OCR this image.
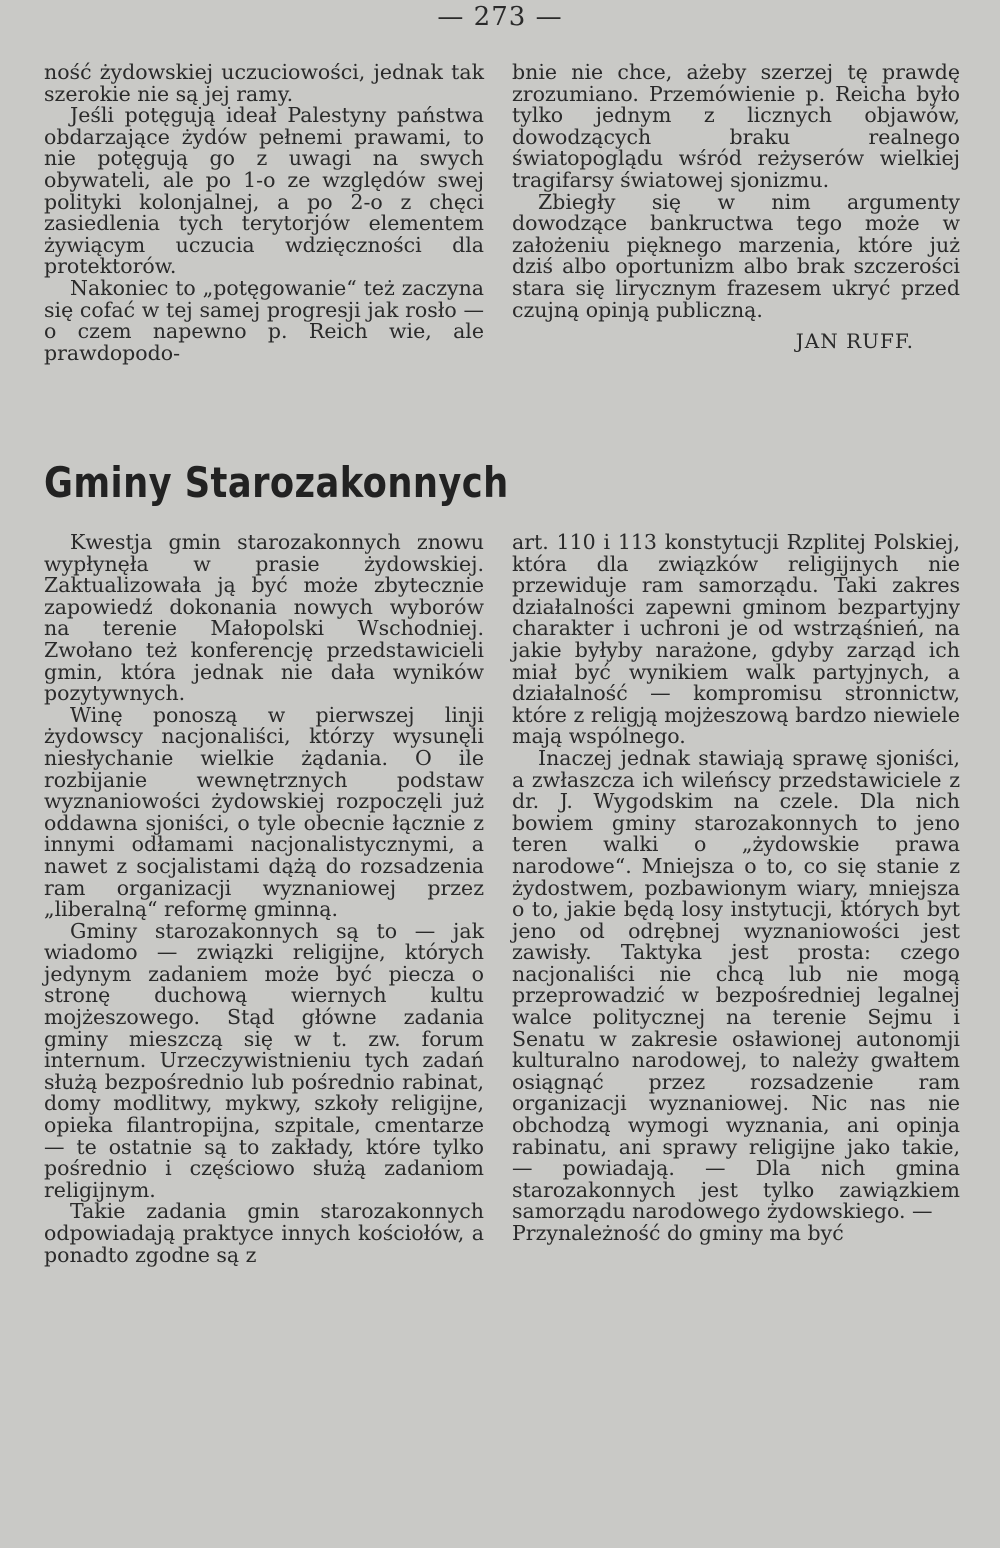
— 273 —

ność żydowskiej uczuciowości, jednak tak szerokie nie są jej ramy.

Jeśli potęgują ideał Palestyny państwa obdarzające żydów pełnemi prawami, to nie potęgują go z uwagi na swych obywateli, ale po 1-o ze względów swej polityki kolonjalnej, a po 2-o z chęci zasiedlenia tych terytorjów elementem żywiącym uczucia wdzięczności dla protektorów.

Nakoniec to „potęgowanie“ też zaczyna się cofać w tej samej progresji jak rosło — o czem napewno p. Reich wie, ale prawdopodo-

bnie nie chce, ażeby szerzej tę prawdę zrozumiano. Przemówienie p. Reicha było tylko jednym z licznych objawów, dowodzących braku realnego światopoglądu wśród reżyserów wielkiej tragifarsy światowej sjonizmu.

Zbiegły się w nim argumenty dowodzące bankructwa tego może w założeniu pięknego marzenia, które już dziś albo oportunizm albo brak szczerości stara się lirycznym frazesem ukryć przed czujną opinją publiczną.

JAN RUFF.
Gminy Starozakonnych

Kwestja gmin starozakonnych znowu wypłynęła w prasie żydowskiej. Zaktualizowała ją być może zbytecznie zapowiedź dokonania nowych wyborów na terenie Małopolski Wschodniej. Zwołano też konferencję przedstawicieli gmin, która jednak nie dała wyników pozytywnych.

Winę ponoszą w pierwszej linji żydowscy nacjonaliści, którzy wysunęli niesłychanie wielkie żądania. O ile rozbijanie wewnętrznych podstaw wyznaniowości żydowskiej rozpoczęli już oddawna sjoniści, o tyle obecnie łącznie z innymi odłamami nacjonalistycznymi, a nawet z socjalistami dążą do rozsadzenia ram organizacji wyznaniowej przez „liberalną“ reformę gminną.

Gminy starozakonnych są to — jak wiadomo — związki religijne, których jedynym zadaniem może być piecza o stronę duchową wiernych kultu mojżeszowego. Stąd główne zadania gminy mieszczą się w t. zw. forum internum. Urzeczywistnieniu tych zadań służą bezpośrednio lub pośrednio rabinat, domy modlitwy, mykwy, szkoły religijne, opieka filantropijna, szpitale, cmentarze — te ostatnie są to zakłady, które tylko pośrednio i częściowo służą zadaniom religijnym.

Takie zadania gmin starozakonnych odpowiadają praktyce innych kościołów, a ponadto zgodne są z

art. 110 i 113 konstytucji Rzplitej Polskiej, która dla związków religijnych nie przewiduje ram samorządu. Taki zakres działalności zapewni gminom bezpartyjny charakter i uchroni je od wstrząśnień, na jakie byłyby narażone, gdyby zarząd ich miał być wynikiem walk partyjnych, a działalność — kompromisu stronnictw, które z religją mojżeszową bardzo niewiele mają wspólnego.

Inaczej jednak stawiają sprawę sjoniści, a zwłaszcza ich wileńscy przedstawiciele z dr. J. Wygodskim na czele. Dla nich bowiem gminy starozakonnych to jeno teren walki o „żydowskie prawa narodowe“. Mniejsza o to, co się stanie z żydostwem, pozbawionym wiary, mniejsza o to, jakie będą losy instytucji, których byt jeno od odrębnej wyznaniowości jest zawisły. Taktyka jest prosta: czego nacjonaliści nie chcą lub nie mogą przeprowadzić w bezpośredniej legalnej walce politycznej na terenie Sejmu i Senatu w zakresie osławionej autonomji kulturalno narodowej, to należy gwałtem osiągnąć przez rozsadzenie ram organizacji wyznaniowej. Nic nas nie obchodzą wymogi wyznania, ani opinja rabinatu, ani sprawy religijne jako takie, — powiadają. — Dla nich gmina starozakonnych jest tylko zawiązkiem samorządu narodowego żydowskiego. —

Przynależność do gminy ma być
